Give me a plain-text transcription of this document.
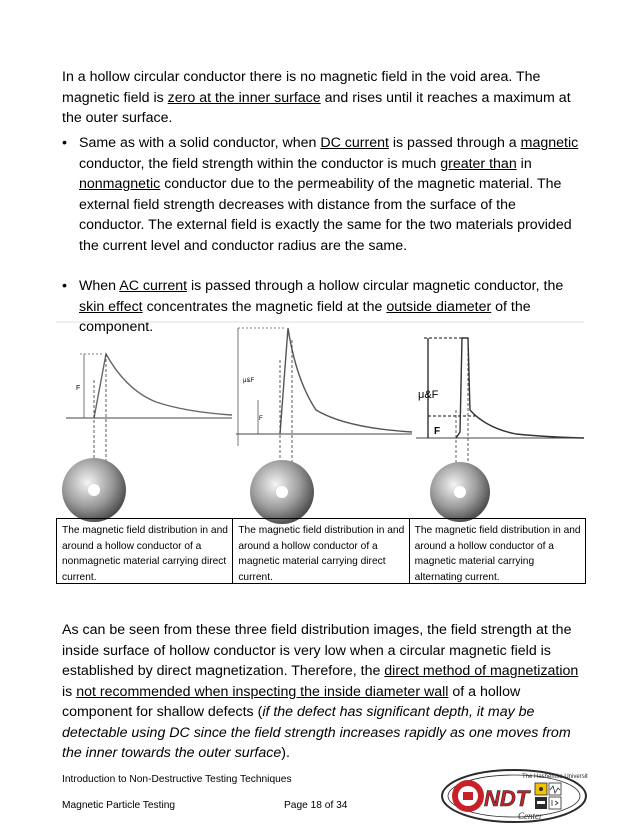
In a hollow circular conductor there is no magnetic field in the void area. The magnetic field is zero at the inner surface and rises until it reaches a maximum at the outer surface.

• Same as with a solid conductor, when DC current is passed through a magnetic conductor, the field strength within the conductor is much greater than in nonmagnetic conductor due to the permeability of the magnetic material. The external field strength decreases with distance from the surface of the conductor. The external field is exactly the same for the two materials provided the current level and conductor radius are the same.
• When AC current is passed through a hollow circular magnetic conductor, the skin effect concentrates the magnetic field at the outside diameter of the component.
F
μ&F
F
μ&F
F
The magnetic field distribution in and around a hollow conductor of a nonmagnetic material carrying direct current.
The magnetic field distribution in and around a hollow conductor of a magnetic material carrying direct current.
The magnetic field distribution in and around a hollow conductor of a magnetic material carrying alternating current.

As can be seen from these three field distribution images, the field strength at the inside surface of hollow conductor is very low when a circular magnetic field is established by direct magnetization. Therefore, the direct method of magnetization is not recommended when inspecting the inside diameter wall of a hollow component for shallow defects (if the defect has significant depth, it may be detectable using DC since the field strength increases rapidly as one moves from the inner towards the outer surface).

Introduction to Non-Destructive Testing Techniques
Magnetic Particle Testing	Page 18 of 34
The Hashemite University
NDT
Center
